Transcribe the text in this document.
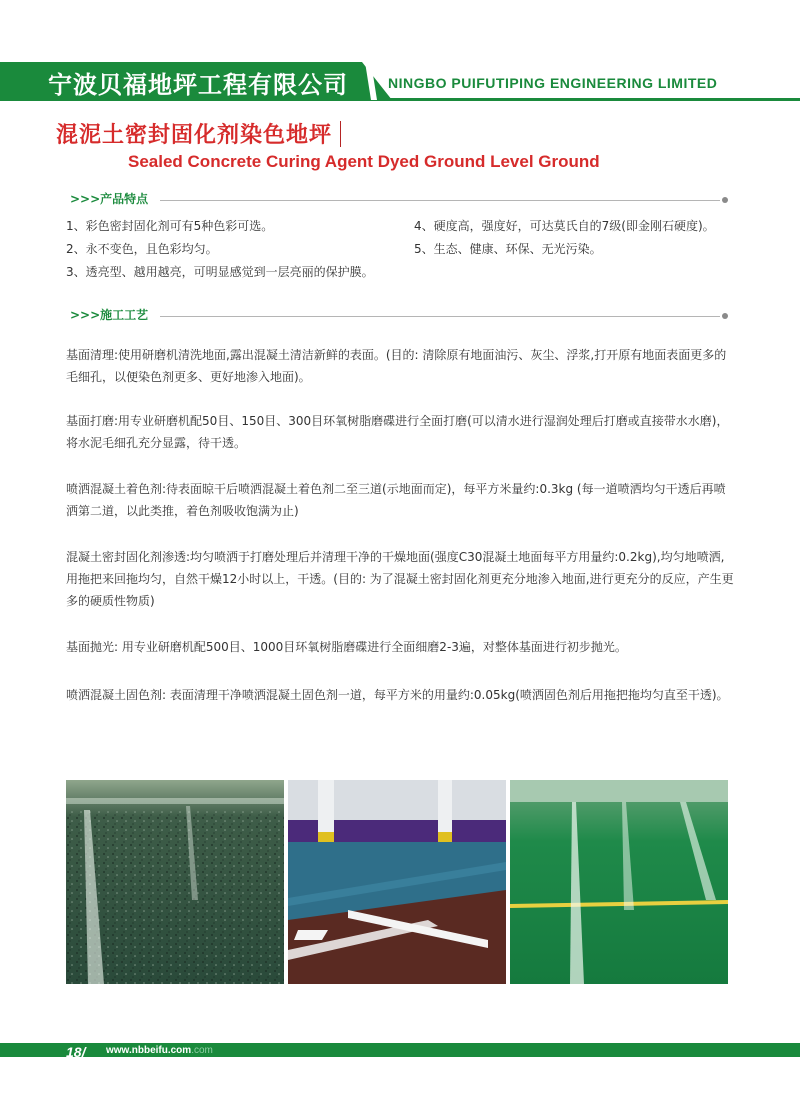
宁波贝福地坪工程有限公司	NINGBO PUIFUTIPING ENGINEERING LIMITED
混泥土密封固化剂染色地坪
Sealed Concrete Curing Agent Dyed Ground Level Ground
>>>产品特点
1、彩色密封固化剂可有5种色彩可选。
2、永不变色，且色彩均匀。
3、透亮型、越用越亮，可明显感觉到一层亮丽的保护膜。
4、硬度高，强度好，可达莫氏自的7级(即金刚石硬度)。
5、生态、健康、环保、无光污染。
>>>施工工艺
基面清理:使用研磨机清洗地面,露出混凝土清洁新鲜的表面。(目的: 清除原有地面油污、灰尘、浮浆,打开原有地面表面更多的毛细孔，以便染色剂更多、更好地渗入地面)。
基面打磨:用专业研磨机配50目、150目、300目环氧树脂磨碟进行全面打磨(可以清水进行湿润处理后打磨或直接带水水磨)，将水泥毛细孔充分显露，待干透。
喷洒混凝土着色剂:待表面晾干后喷洒混凝土着色剂二至三道(示地面而定)，每平方米量约:0.3kg (每一道喷洒均匀干透后再喷洒第二道，以此类推，着色剂吸收饱满为止)
混凝土密封固化剂渗透:均匀喷洒于打磨处理后并清理干净的干燥地面(强度C30混凝土地面每平方用量约:0.2kg),均匀地喷洒,用拖把来回拖均匀，自然干燥12小时以上，干透。(目的: 为了混凝土密封固化剂更充分地渗入地面,进行更充分的反应，产生更多的硬质性物质)
基面抛光: 用专业研磨机配500目、1000目环氧树脂磨碟进行全面细磨2-3遍，对整体基面进行初步抛光。
喷洒混凝土固色剂: 表面清理干净喷洒混凝土固色剂一道，每平方米的用量约:0.05kg(喷洒固色剂后用拖把拖均匀直至干透)。
18/ www.nbbeifu.com.com
